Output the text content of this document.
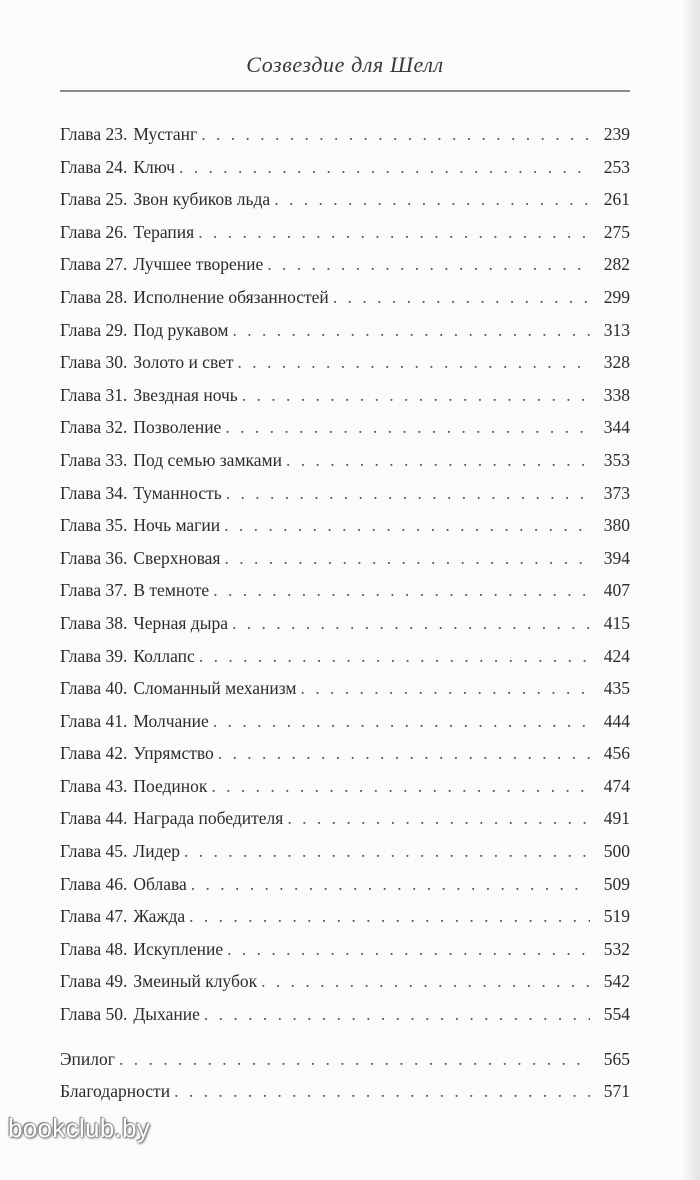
Созвездие для Шелл
Глава 23. Мустанг . . .	239
Глава 24. Ключ . . .	253
Глава 25. Звон кубиков льда . . .	261
Глава 26. Терапия . . .	275
Глава 27. Лучшее творение . . .	282
Глава 28. Исполнение обязанностей . . .	299
Глава 29. Под рукавом . . .	313
Глава 30. Золото и свет . . .	328
Глава 31. Звездная ночь . . .	338
Глава 32. Позволение . . .	344
Глава 33. Под семью замками . . .	353
Глава 34. Туманность . . .	373
Глава 35. Ночь магии . . .	380
Глава 36. Сверхновая . . .	394
Глава 37. В темноте . . .	407
Глава 38. Черная дыра . . .	415
Глава 39. Коллапс . . .	424
Глава 40. Сломанный механизм . . .	435
Глава 41. Молчание . . .	444
Глава 42. Упрямство . . .	456
Глава 43. Поединок . . .	474
Глава 44. Награда победителя . . .	491
Глава 45. Лидер . . .	500
Глава 46. Облава . . .	509
Глава 47. Жажда . . .	519
Глава 48. Искупление . . .	532
Глава 49. Змеиный клубок . . .	542
Глава 50. Дыхание . . .	554
Эпилог . . .	565
Благодарности . . .	571
bookclub.by
